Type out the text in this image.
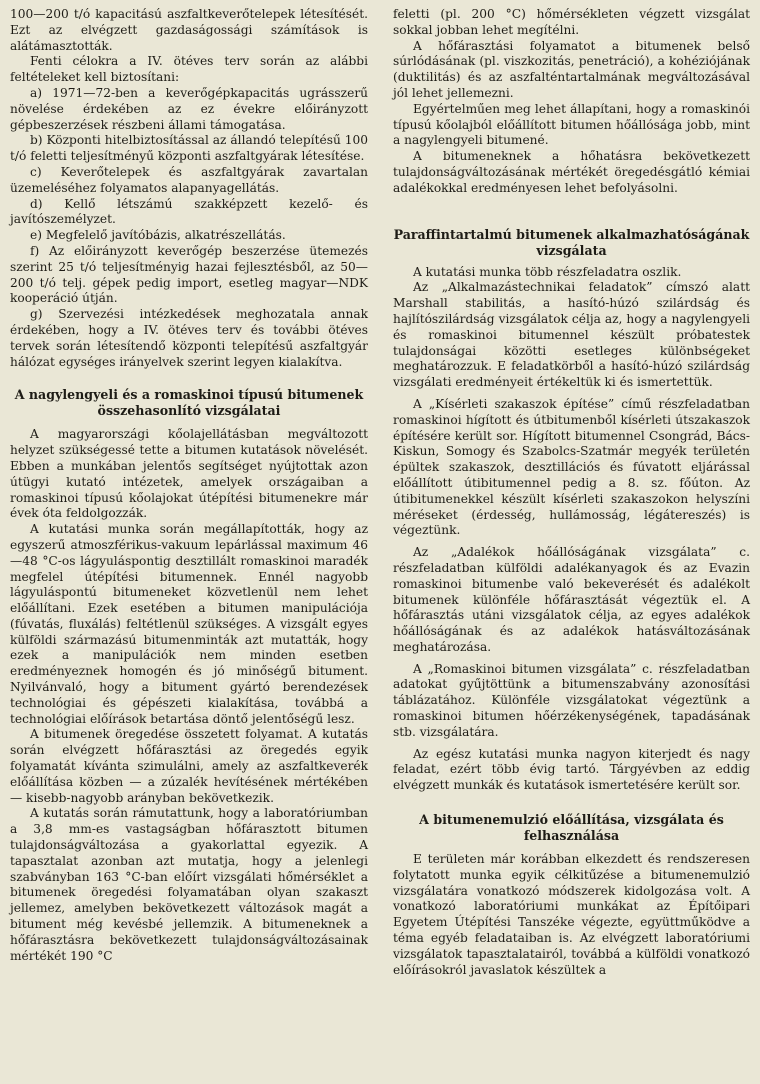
100—200 t/ó kapacitású aszfaltkeverőtelepek létesítését. Ezt az elvégzett gazdaságossági számítások is alátámasztották.

Fenti célokra a IV. ötéves terv során az alábbi feltételeket kell biztosítani:

a) 1971—72-ben a keverőgépkapacitás ugrásszerű növelése érdekében az ez évekre előirányzott gépbeszerzések részbeni állami támogatása.

b) Központi hitelbiztosítással az állandó telepítésű 100 t/ó feletti teljesítményű központi aszfaltgyárak létesítése.

c) Keverőtelepek és aszfaltgyárak zavartalan üzemeléséhez folyamatos alapanyagellátás.

d) Kellő létszámú szakképzett kezelő- és javítószemélyzet.

e) Megfelelő javítóbázis, alkatrészellátás.

f) Az előirányzott keverőgép beszerzése ütemezés szerint 25 t/ó teljesítményig hazai fejlesztésből, az 50—200 t/ó telj. gépek pedig import, esetleg magyar—NDK kooperáció útján.

g) Szervezési intézkedések meghozatala annak érdekében, hogy a IV. ötéves terv és további ötéves tervek során létesítendő központi telepítésű aszfaltgyár hálózat egységes irányelvek szerint legyen kialakítva.

A nagylengyeli és a romaskinoi típusú bitumenek összehasonlító vizsgálatai

A magyarországi kőolajellátásban megváltozott helyzet szükségessé tette a bitumen kutatások növelését. Ebben a munkában jelentős segítséget nyújtottak azon útügyi kutató intézetek, amelyek országaiban a romaskinoi típusú kőolajokat útépítési bitumenekre már évek óta feldolgozzák.

A kutatási munka során megállapították, hogy az egyszerű atmoszférikus-vakuum lepárlással maximum 46—48 °C-os lágyuláspontig desztillált romaskinoi maradék megfelel útépítési bitumennek. Ennél nagyobb lágyuláspontú bitumeneket közvetlenül nem lehet előállítani. Ezek esetében a bitumen manipulációja (fúvatás, fluxálás) feltétlenül szükséges. A vizsgált egyes külföldi származású bitumenminták azt mutatták, hogy ezek a manipulációk nem minden esetben eredményeznek homogén és jó minőségű bitument. Nyilvánvaló, hogy a bitument gyártó berendezések technológiai és gépészeti kialakítása, továbbá a technológiai előírások betartása döntő jelentőségű lesz.

A bitumenek öregedése összetett folyamat. A kutatás során elvégzett hőfárasztási az öregedés egyik folyamatát kívánta szimulálni, amely az aszfaltkeverék előállítása közben — a zúzalék hevítésének mértékében — kisebb-nagyobb arányban bekövetkezik.

A kutatás során rámutattunk, hogy a laboratóriumban a 3,8 mm-es vastagságban hőfárasztott bitumen tulajdonságváltozása a gyakorlattal egyezik. A tapasztalat azonban azt mutatja, hogy a jelenlegi szabványban 163 °C-ban előírt vizsgálati hőmérséklet a bitumenek öregedési folyamatában olyan szakaszt jellemez, amelyben bekövetkezett változások magát a bitument még kevésbé jellemzik. A bitumeneknek a hőfárasztásra bekövetkezett tulajdonságváltozásainak mértékét 190 °C

feletti (pl. 200 °C) hőmérsékleten végzett vizsgálat sokkal jobban lehet megítélni.

A hőfárasztási folyamatot a bitumenek belső súrlódásának (pl. viszkozitás, penetráció), a kohéziójának (duktilitás) és az aszfalténtartalmának megváltozásával jól lehet jellemezni.

Egyértelműen meg lehet állapítani, hogy a romaskinói típusú kőolajból előállított bitumen hőállósága jobb, mint a nagylengyeli bitumené.

A bitumeneknek a hőhatásra bekövetkezett tulajdonságváltozásának mértékét öregedésgátló kémiai adalékokkal eredményesen lehet befolyásolni.

Paraffintartalmú bitumenek alkalmazhatóságának vizsgálata

A kutatási munka több részfeladatra oszlik.

Az „Alkalmazástechnikai feladatok” címszó alatt Marshall stabilitás, a hasító-húzó szilárdság és hajlítószilárdság vizsgálatok célja az, hogy a nagylengyeli és romaskinoi bitumennel készült próbatestek tulajdonságai közötti esetleges különbségeket meghatározzuk. E feladatkörből a hasító-húzó szilárdság vizsgálati eredményeit értékeltük ki és ismertettük.

A „Kísérleti szakaszok építése” című részfeladatban romaskinoi hígított és útbitumenből kísérleti útszakaszok építésére került sor. Hígított bitumennel Csongrád, Bács-Kiskun, Somogy és Szabolcs-Szatmár megyék területén épültek szakaszok, desztillációs és fúvatott eljárással előállított útibitumennel pedig a 8. sz. főúton. Az útibitumenekkel készült kísérleti szakaszokon helyszíni méréseket (érdesség, hullámosság, légátereszés) is végeztünk.

Az „Adalékok hőállóságának vizsgálata” c. részfeladatban külföldi adalékanyagok és az Evazin romaskinoi bitumenbe való bekeverését és adalékolt bitumenek különféle hőfárasztását végeztük el. A hőfárasztás utáni vizsgálatok célja, az egyes adalékok hőállóságának és az adalékok hatásváltozásának meghatározása.

A „Romaskinoi bitumen vizsgálata” c. részfeladatban adatokat gyűjtöttünk a bitumenszabvány azonosítási táblázatához. Különféle vizsgálatokat végeztünk a romaskinoi bitumen hőérzékenységének, tapadásának stb. vizsgálatára.

Az egész kutatási munka nagyon kiterjedt és nagy feladat, ezért több évig tartó. Tárgyévben az eddig elvégzett munkák és kutatások ismertetésére került sor.

A bitumenemulzió előállítása, vizsgálata és felhasználása

E területen már korábban elkezdett és rendszeresen folytatott munka egyik célkitűzése a bitumenemulzió vizsgálatára vonatkozó módszerek kidolgozása volt. A vonatkozó laboratóriumi munkákat az Építőipari Egyetem Útépítési Tanszéke végezte, együttműködve a téma egyéb feladataiban is. Az elvégzett laboratóriumi vizsgálatok tapasztalatairól, továbbá a külföldi vonatkozó előírásokról javaslatok készültek a
